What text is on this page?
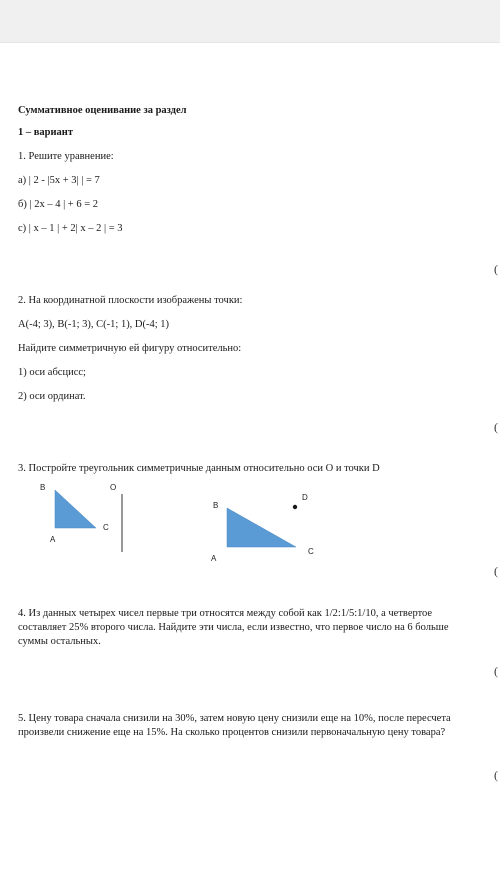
Суммативное оценивание за раздел
1 – вариант
1. Решите уравнение:
а) | 2 - |5x + 3| | = 7
б) | 2x – 4 | + 6 = 2
с) | x – 1 | + 2| x – 2 | = 3
(
2. На координатной плоскости изображены точки:
A(-4; 3), B(-1; 3), C(-1; 1), D(-4; 1)
Найдите симметричную ей фигуру относительно:
1) оси абсцисс;
2) оси ординат.
(
3. Постройте треугольник симметричные данным относительно оси О и точки D
B	O
C
A
B
D
A
C
(
4. Из данных четырех чисел первые три относятся между собой как 1/2:1/5:1/10, а четвертое составляет 25% второго числа. Найдите эти числа, если известно, что первое число на 6 больше суммы остальных.
(
5. Цену товара сначала снизили на 30%, затем новую цену снизили еще на 10%, после пересчета произвели снижение еще на 15%. На сколько процентов снизили первоначальную цену товара?
(
